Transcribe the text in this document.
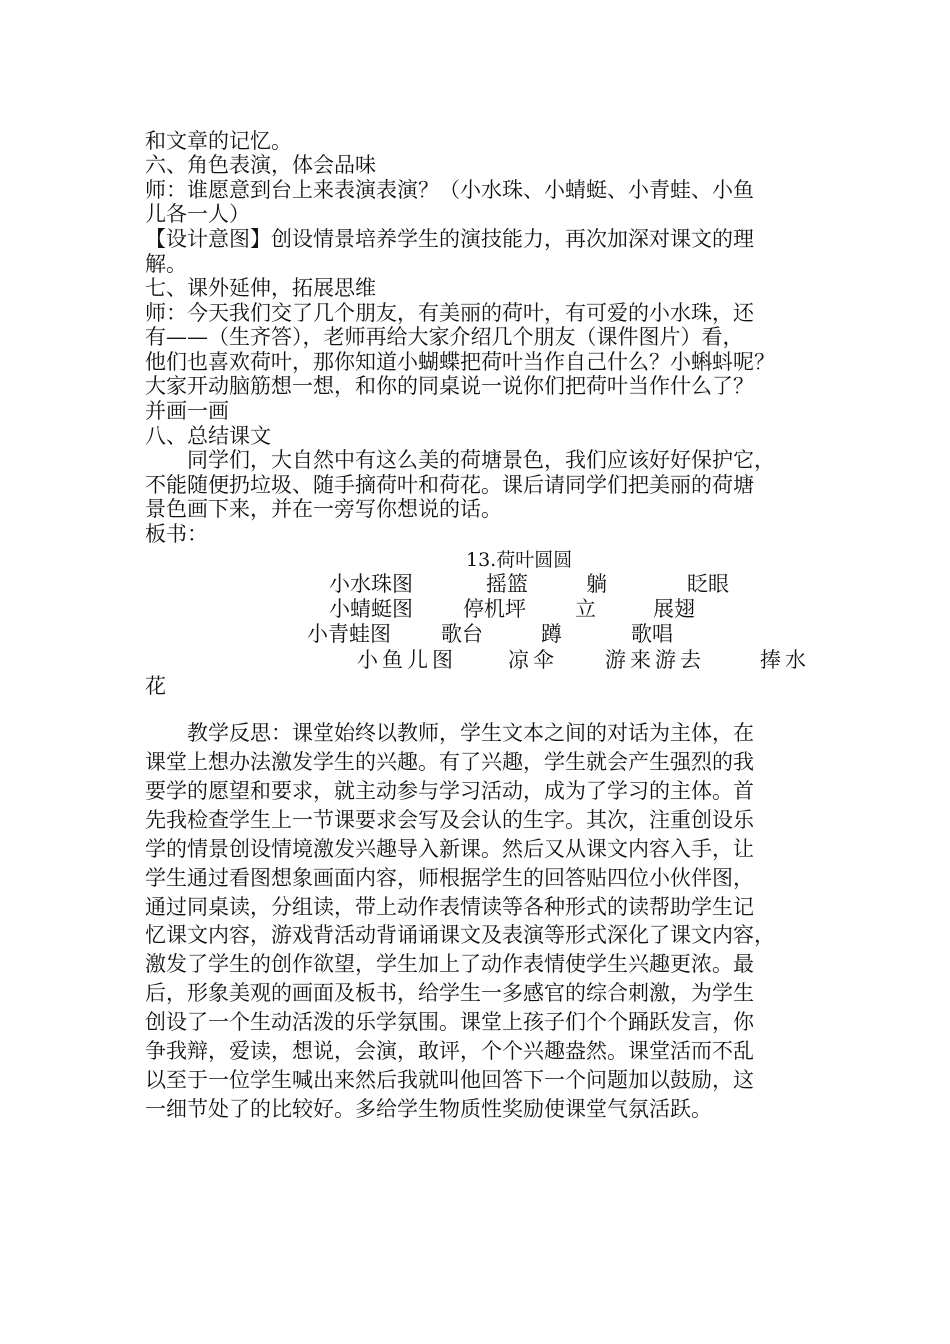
和文章的记忆。
六、角色表演，体会品味
师：谁愿意到台上来表演表演？（小水珠、小蜻蜓、小青蛙、小鱼
儿各一人）
【设计意图】创设情景培养学生的演技能力，再次加深对课文的理
解。
七、课外延伸，拓展思维
师：今天我们交了几个朋友，有美丽的荷叶，有可爱的小水珠，还
有——（生齐答），老师再给大家介绍几个朋友（课件图片）看，
他们也喜欢荷叶，那你知道小蝴蝶把荷叶当作自己什么？小蝌蚪呢？
大家开动脑筋想一想，和你的同桌说一说你们把荷叶当作什么了？
并画一画
八、总结课文
同学们，大自然中有这么美的荷塘景色，我们应该好好保护它，
不能随便扔垃圾、随手摘荷叶和荷花。课后请同学们把美丽的荷塘
景色画下来，并在一旁写你想说的话。
板书：
13.荷叶圆圆
小水珠图	摇篮	躺	眨眼
小蜻蜓图 停机坪 立	展翅
小青蛙图 歌台	蹲	歌唱
小鱼儿图 凉伞 游来游去	捧水
花
教学反思：课堂始终以教师，学生文本之间的对话为主体，在
课堂上想办法激发学生的兴趣。有了兴趣，学生就会产生强烈的我
要学的愿望和要求，就主动参与学习活动，成为了学习的主体。首
先我检查学生上一节课要求会写及会认的生字。其次，注重创设乐
学的情景创设情境激发兴趣导入新课。然后又从课文内容入手，让
学生通过看图想象画面内容，师根据学生的回答贴四位小伙伴图，
通过同桌读，分组读，带上动作表情读等各种形式的读帮助学生记
忆课文内容，游戏背活动背诵诵课文及表演等形式深化了课文内容，
激发了学生的创作欲望，学生加上了动作表情使学生兴趣更浓。最
后，形象美观的画面及板书，给学生一多感官的综合刺激，为学生
创设了一个生动活泼的乐学氛围。课堂上孩子们个个踊跃发言，你
争我辩，爱读，想说，会演，敢评，个个兴趣盎然。课堂活而不乱
以至于一位学生喊出来然后我就叫他回答下一个问题加以鼓励，这
一细节处了的比较好。多给学生物质性奖励使课堂气氛活跃。
